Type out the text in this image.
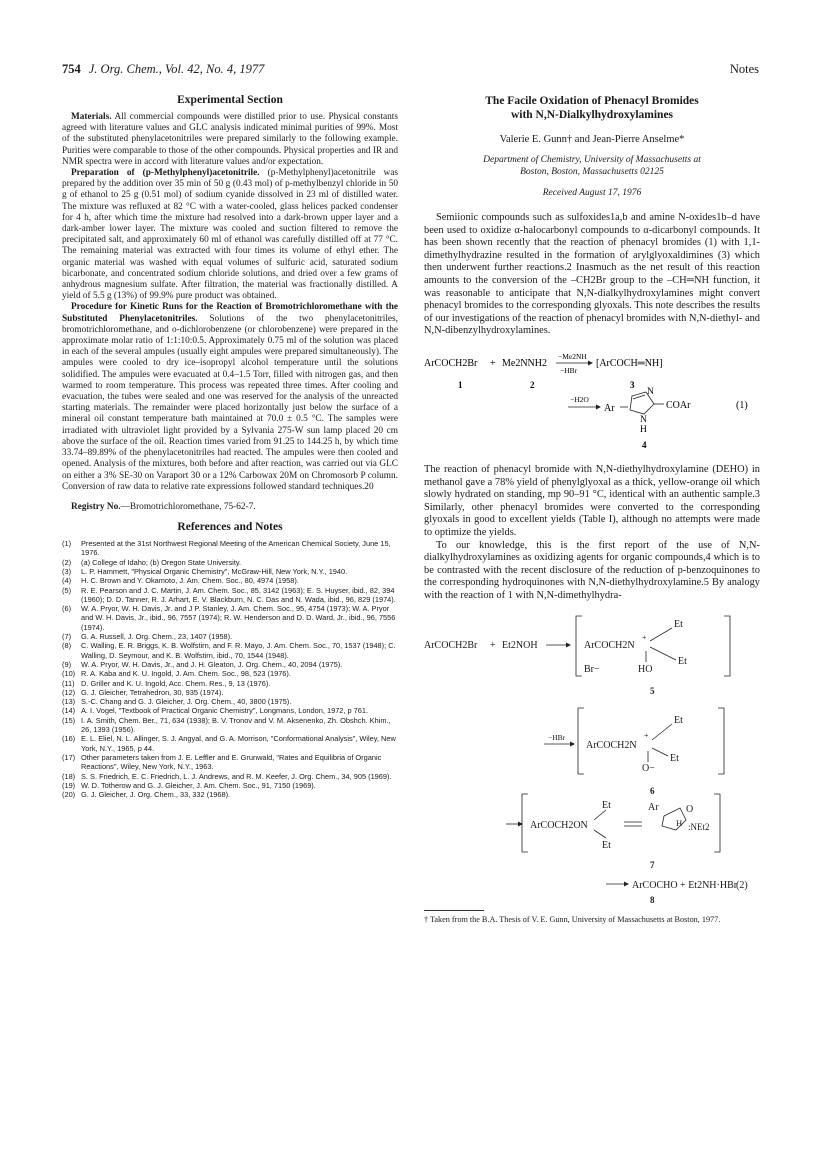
754 J. Org. Chem., Vol. 42, No. 4, 1977	Notes

Experimental Section

Materials. All commercial compounds were distilled prior to use. Physical constants agreed with literature values and GLC analysis indicated minimal purities of 99%. Most of the substituted phenylacetonitriles were prepared similarly to the following example. Purities were comparable to those of the other compounds. Physical properties and IR and NMR spectra were in accord with literature values and/or expectation.

Preparation of (p-Methylphenyl)acetonitrile. (p-Methylphenyl)acetonitrile was prepared by the addition over 35 min of 50 g (0.43 mol) of p-methylbenzyl chloride in 50 g of ethanol to 25 g (0.51 mol) of sodium cyanide dissolved in 23 ml of distilled water. The mixture was refluxed at 82 °C with a water-cooled, glass helices packed condenser for 4 h, after which time the mixture had resolved into a dark-brown upper layer and a dark-amber lower layer. The mixture was cooled and suction filtered to remove the precipitated salt, and approximately 60 ml of ethanol was carefully distilled off at 77 °C. The remaining material was extracted with four times its volume of ethyl ether. The organic material was washed with equal volumes of sulfuric acid, saturated sodium bicarbonate, and concentrated sodium chloride solutions, and dried over a few grams of anhydrous magnesium sulfate. After filtration, the material was fractionally distilled. A yield of 5.5 g (13%) of 99.9% pure product was obtained.

Procedure for Kinetic Runs for the Reaction of Bromotrichloromethane with the Substituted Phenylacetonitriles. Solutions of the two phenylacetonitriles, bromotrichloromethane, and o-dichlorobenzene (or chlorobenzene) were prepared in the approximate molar ratio of 1:1:10:0.5. Approximately 0.75 ml of the solution was placed in each of the several ampules (usually eight ampules were prepared simultaneously). The ampules were cooled to dry ice–isopropyl alcohol temperature until the solutions solidified. The ampules were evacuated at 0.4–1.5 Torr, filled with nitrogen gas, and then warmed to room temperature. This process was repeated three times. After cooling and evacuation, the tubes were sealed and one was reserved for the analysis of the unreacted starting materials. The remainder were placed horizontally just below the surface of a mineral oil constant temperature bath maintained at 70.0 ± 0.5 °C. The samples were irradiated with ultraviolet light provided by a Sylvania 275-W sun lamp placed 20 cm above the surface of the oil. Reaction times varied from 91.25 to 144.25 h, by which time 33.74–89.89% of the phenylacetonitriles had reacted. The ampules were then cooled and opened. Analysis of the mixtures, both before and after reaction, was carried out via GLC on either a 3% SE-30 on Varaport 30 or a 12% Carbowax 20M on Chromosorb P column. Conversion of raw data to relative rate expressions followed standard techniques.20

Registry No.—Bromotrichloromethane, 75-62-7.

References and Notes

(1)	Presented at the 31st Northwest Regional Meeting of the American Chemical Society, June 15, 1976.
(2)	(a) College of Idaho; (b) Oregon State University.
(3)	L. P. Hammett, "Physical Organic Chemistry", McGraw-Hill, New York, N.Y., 1940.
(4)	H. C. Brown and Y. Okamoto, J. Am. Chem. Soc., 80, 4974 (1958).
(5)	R. E. Pearson and J. C. Martin, J. Am. Chem. Soc., 85, 3142 (1963); E. S. Huyser, ibid., 82, 394 (1960); D. D. Tanner, R. J. Arhart, E. V. Blackburn, N. C. Das and N. Wada, ibid., 96, 829 (1974).
(6)	W. A. Pryor, W. H. Davis, Jr. and J P. Stanley, J. Am. Chem. Soc., 95, 4754 (1973); W. A. Pryor and W. H. Davis, Jr., ibid., 96, 7557 (1974); R. W. Henderson and D. D. Ward, Jr., ibid., 96, 7556 (1974).
(7)	G. A. Russell, J. Org. Chem., 23, 1407 (1958).
(8)	C. Walling, E. R. Briggs, K. B. Wolfstirn, and F. R. Mayo, J. Am. Chem. Soc., 70, 1537 (1948); C. Walling, D. Seymour, and K. B. Wolfstirn, ibid., 70, 1544 (1948).
(9)	W. A. Pryor, W. H. Davis, Jr., and J. H. Gleaton, J. Org. Chem., 40, 2094 (1975).
(10) R. A. Kaba and K. U. Ingold, J. Am. Chem. Soc., 98, 523 (1976).
(11) D. Griller and K. U. Ingold, Acc. Chem. Res., 9, 13 (1976).
(12) G. J. Gleicher, Tetrahedron, 30, 935 (1974).
(13) S.-C. Chang and G. J. Gleicher, J. Org. Chem., 40, 3800 (1975).
(14) A. I. Vogel, "Textbook of Practical Organic Chemistry", Longmans, London, 1972, p 761.
(15) I. A. Smith, Chem. Ber., 71, 634 (1938); B. V. Tronov and V. M. Aksenenko, Zh. Obshch. Khim., 26, 1393 (1956).
(16) E. L. Eliel, N. L. Allinger, S. J. Angyal, and G. A. Morrison, "Conformational Analysis", Wiley, New York, N.Y., 1965, p 44.
(17) Other parameters taken from J. E. Leffler and E. Grunwald, "Rates and Equilibria of Organic Reactions", Wiley, New York, N.Y., 1963.
(18) S. S. Friedrich, E. C. Friedrich, L. J. Andrews, and R. M. Keefer, J. Org. Chem., 34, 905 (1969).
(19) W. D. Totherow and G. J. Gleicher, J. Am. Chem. Soc., 91, 7150 (1969).
(20) G. J. Gleicher, J. Org. Chem., 33, 332 (1968).

The Facile Oxidation of Phenacyl Bromides
with N,N-Dialkylhydroxylamines

Valerie E. Gunn† and Jean-Pierre Anselme*

Department of Chemistry, University of Massachusetts at
Boston, Boston, Massachusetts 02125

Received August 17, 1976

Semiionic compounds such as sulfoxides1a,b and amine N-oxides1b–d have been used to oxidize α-halocarbonyl compounds to α-dicarbonyl compounds. It has been shown recently that the reaction of phenacyl bromides (1) with 1,1-dimethylhydrazine resulted in the formation of arylglyoxaldimines (3) which then underwent further reactions.2 Inasmuch as the net result of this reaction amounts to the conversion of the –CH2Br group to the –CH═NH function, it was reasonable to anticipate that N,N-dialkylhydroxylamines might convert phenacyl bromides to the corresponding glyoxals. This note describes the results of our investigations of the reaction of phenacyl bromides with N,N-diethyl- and N,N-dibenzylhydroxylamines.

ArCOCH2Br + Me2NNH2
−Me2NH
−HBr
[ArCOCH═NH]
1	2	3
−H2O
Ar
N
N
H
COAr	(1)
4

The reaction of phenacyl bromide with N,N-diethylhydroxylamine (DEHO) in methanol gave a 78% yield of phenylglyoxal as a thick, yellow-orange oil which slowly hydrated on standing, mp 90–91 °C, identical with an authentic sample.3 Similarly, other phenacyl bromides were converted to the corresponding glyoxals in good to excellent yields (Table I), although no attempts were made to optimize the yields.

To our knowledge, this is the first report of the use of N,N-dialkylhydroxylamines as oxidizing agents for organic compounds,4 which is to be contrasted with the recent disclosure of the reduction of p-benzoquinones to the corresponding hydroquinones with N,N-diethylhydroxylamine.5 By analogy with the reaction of 1 with N,N-dimethylhydra-

ArCOCH2Br + Et2NOH	ArCOCH2N
+
Et
Et
Br−	HO
5
−HBr
ArCOCH2N
+
Et
Et
O−
6
ArCOCH2ON
Et
Et
Ar	O
H :NEt2
7
ArCOCHO + Et2NH·HBr
(2)
8

† Taken from the B.A. Thesis of V. E. Gunn, University of Massachusetts at Boston, 1977.
